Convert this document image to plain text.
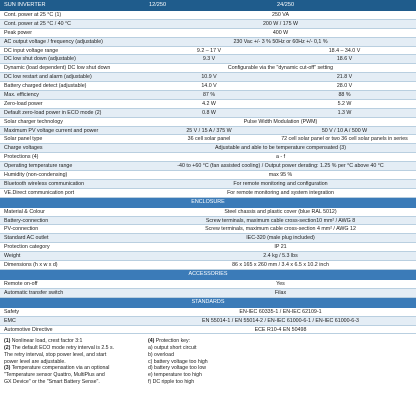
SUN INVERTER	12/250	24/250
Cont. power at 25 °C (1)	250 VA
Cont. power at 25 °C / 40 °C	200 W / 175 W
Peak power	400 W
AC output voltage / frequency (adjustable)	230 Vac +/- 3 % 50Hz or 60Hz +/- 0,1 %
DC input voltage range	9.2 – 17 V	18.4 – 34.0 V
DC low shut down (adjustable)	9.3 V	18.6 V
Dynamic (load dependent) DC low shut down	Configurable via the "dynamic cut-off" setting
DC low restart and alarm (adjustable)	10.9 V	21.8 V
Battery charged detect (adjustable)	14.0 V	28.0 V
Max. efficiency	87 %	88 %
Zero-load power	4.2 W	5.2 W
Default zero-load power in ECO mode (2)	0.8 W	1.3 W
Solar charger technology	Pulse Width Modulation (PWM)
Maximum PV voltage current and power	25 V / 15 A / 375 W	50 V / 10 A / 500 W
Solar panel type	36 cell solar panel	72 cell solar panel or two 36 cell solar panels in series
Charge voltages	Adjustable and able to be temperature compensated (3)
Protections (4)	a - f
Operating temperature range	-40 to +60 °C (fan assisted cooling) / Output power derating: 1.25 % per °C above 40 °C
Humidity (non-condensing)	max 95 %
Bluetooth wireless communication	For remote monitoring and configuration
VE.Direct communication port	For remote monitoring and system integration
ENCLOSURE
Material & Colour	Steel chassis and plastic cover (blue RAL 5012)
Battery-connection	Screw terminals, maximum cable cross-section10 mm² / AWG 8
PV-connection	Screw terminals, maximum cable cross-section 4 mm² / AWG 12
Standard AC outlet	IEC-320 (male plug included)
Protection category	IP 21
Weight	2.4 kg / 5.3 lbs
Dimensions (h x w x d)	86 x 165 x 260 mm / 3.4 x 6.5 x 10.2 inch
ACCESSORIES
Remote on-off	Yes
Automatic transfer switch	Filax
STANDARDS
Safety	EN-IEC 60335-1 / EN-IEC 62109-1
EMC	EN 55014-1 / EN 55014-2 / EN-IEC 61000-6-1 / EN-IEC 61000-6-3
Automotive Directive	ECE R10-4 EN 50498
(1) Nonlinear load, crest factor 3:1
(2) The default ECO mode retry interval is 2.5 s.
The retry interval, stop power level, and start
power level are adjustable.
(3) Temperature compensation via an optional
"Temperature sensor Quattro, MultiPlus and
GX Device" or the "Smart Battery Sense".
(4) Protection key:
a) output short circuit
b) overload
c) battery voltage too high
d) battery voltage too low
e) temperature too high
f) DC ripple too high
